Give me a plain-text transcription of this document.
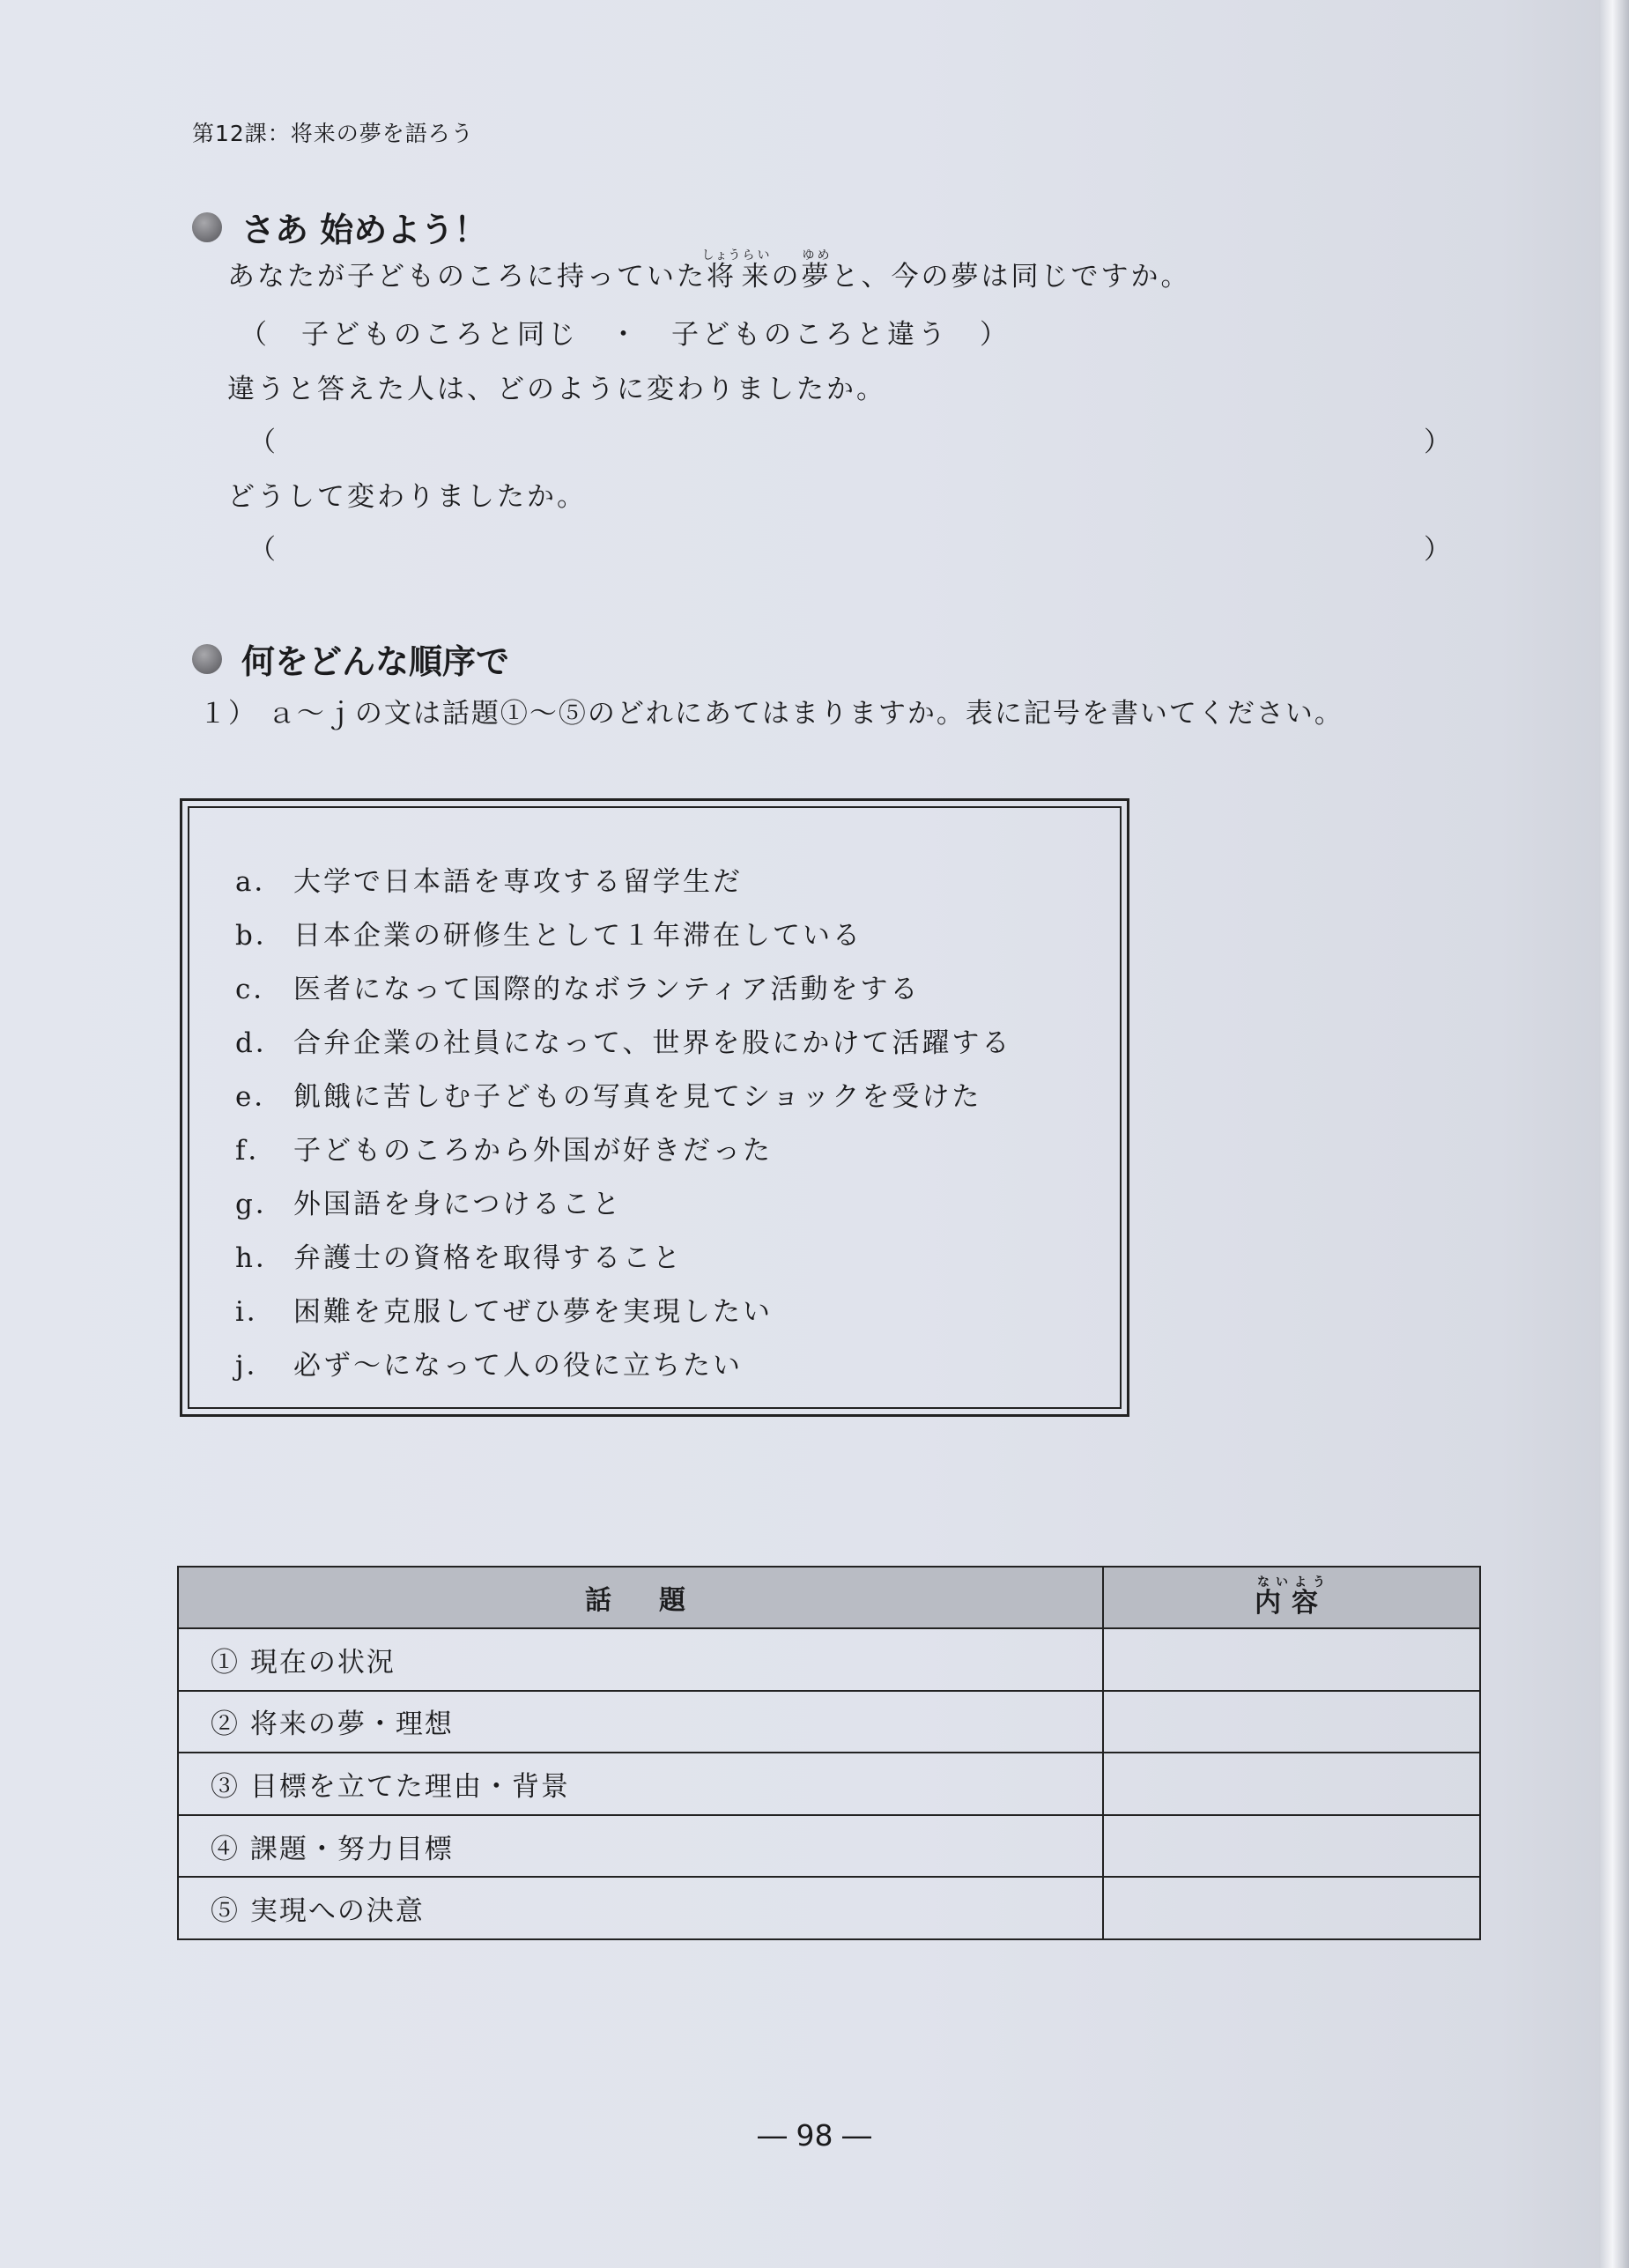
第12課：将来の夢を語ろう
さあ 始めよう！
あなたが子どものころに持っていた将しょう来らいの夢ゆめと、今の夢は同じですか。
（　子どものころと同じ　・　子どものころと違う　）
違うと答えた人は、どのように変わりましたか。
（	）
どうして変わりましたか。
（	）
何をどんな順序で
１） ａ～ｊの文は話題①～⑤のどれにあてはまりますか。表に記号を書いてください。
a． 大学で日本語を専攻する留学生だ
b． 日本企業の研修生として１年滞在している
c． 医者になって国際的なボランティア活動をする
d． 合弁企業の社員になって、世界を股にかけて活躍する
e． 飢餓に苦しむ子どもの写真を見てショックを受けた
f． 子どものころから外国が好きだった
g． 外国語を身につけること
h． 弁護士の資格を取得すること
i． 困難を克服してぜひ夢を実現したい
j． 必ず～になって人の役に立ちたい
話　題	内容ないよう
① 現在の状況	
② 将来の夢・理想	
③ 目標を立てた理由・背景	
④ 課題・努力目標	
⑤ 実現への決意	
― 98 ―
